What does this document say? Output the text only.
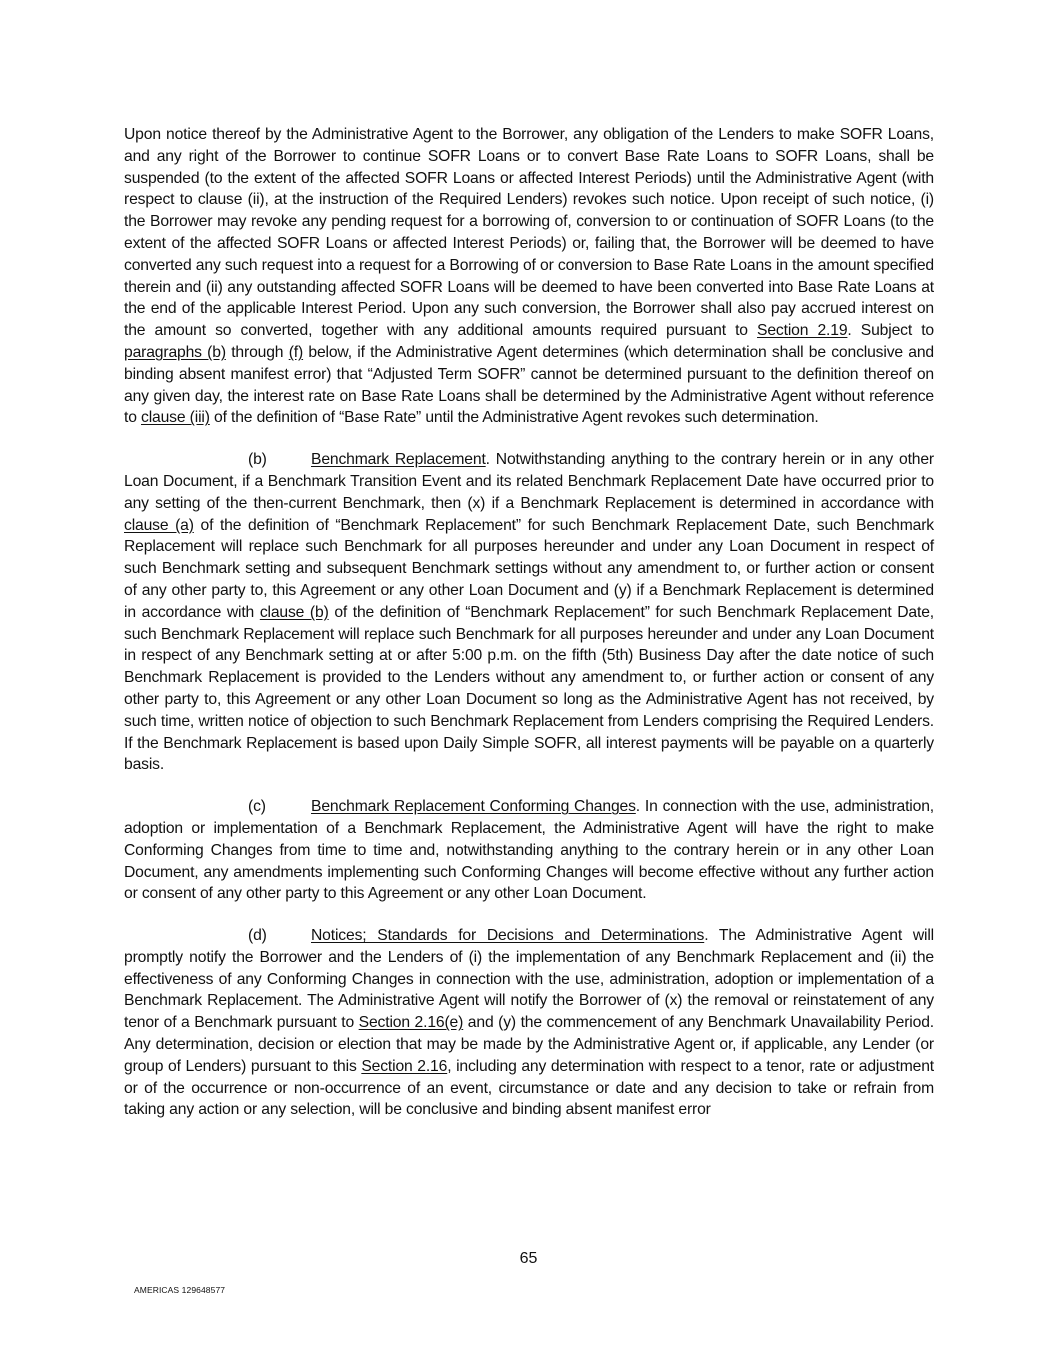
Upon notice thereof by the Administrative Agent to the Borrower, any obligation of the Lenders to make SOFR Loans, and any right of the Borrower to continue SOFR Loans or to convert Base Rate Loans to SOFR Loans, shall be suspended (to the extent of the affected SOFR Loans or affected Interest Periods) until the Administrative Agent (with respect to clause (ii), at the instruction of the Required Lenders) revokes such notice. Upon receipt of such notice, (i) the Borrower may revoke any pending request for a borrowing of, conversion to or continuation of SOFR Loans (to the extent of the affected SOFR Loans or affected Interest Periods) or, failing that, the Borrower will be deemed to have converted any such request into a request for a Borrowing of or conversion to Base Rate Loans in the amount specified therein and (ii) any outstanding affected SOFR Loans will be deemed to have been converted into Base Rate Loans at the end of the applicable Interest Period. Upon any such conversion, the Borrower shall also pay accrued interest on the amount so converted, together with any additional amounts required pursuant to Section 2.19. Subject to paragraphs (b) through (f) below, if the Administrative Agent determines (which determination shall be conclusive and binding absent manifest error) that “Adjusted Term SOFR” cannot be determined pursuant to the definition thereof on any given day, the interest rate on Base Rate Loans shall be determined by the Administrative Agent without reference to clause (iii) of the definition of “Base Rate” until the Administrative Agent revokes such determination.

(b)	Benchmark Replacement. Notwithstanding anything to the contrary herein or in any other Loan Document, if a Benchmark Transition Event and its related Benchmark Replacement Date have occurred prior to any setting of the then-current Benchmark, then (x) if a Benchmark Replacement is determined in accordance with clause (a) of the definition of “Benchmark Replacement” for such Benchmark Replacement Date, such Benchmark Replacement will replace such Benchmark for all purposes hereunder and under any Loan Document in respect of such Benchmark setting and subsequent Benchmark settings without any amendment to, or further action or consent of any other party to, this Agreement or any other Loan Document and (y) if a Benchmark Replacement is determined in accordance with clause (b) of the definition of “Benchmark Replacement” for such Benchmark Replacement Date, such Benchmark Replacement will replace such Benchmark for all purposes hereunder and under any Loan Document in respect of any Benchmark setting at or after 5:00 p.m. on the fifth (5th) Business Day after the date notice of such Benchmark Replacement is provided to the Lenders without any amendment to, or further action or consent of any other party to, this Agreement or any other Loan Document so long as the Administrative Agent has not received, by such time, written notice of objection to such Benchmark Replacement from Lenders comprising the Required Lenders. If the Benchmark Replacement is based upon Daily Simple SOFR, all interest payments will be payable on a quarterly basis.

(c)	Benchmark Replacement Conforming Changes. In connection with the use, administration, adoption or implementation of a Benchmark Replacement, the Administrative Agent will have the right to make Conforming Changes from time to time and, notwithstanding anything to the contrary herein or in any other Loan Document, any amendments implementing such Conforming Changes will become effective without any further action or consent of any other party to this Agreement or any other Loan Document.

(d)	Notices; Standards for Decisions and Determinations. The Administrative Agent will promptly notify the Borrower and the Lenders of (i) the implementation of any Benchmark Replacement and (ii) the effectiveness of any Conforming Changes in connection with the use, administration, adoption or implementation of a Benchmark Replacement. The Administrative Agent will notify the Borrower of (x) the removal or reinstatement of any tenor of a Benchmark pursuant to Section 2.16(e) and (y) the commencement of any Benchmark Unavailability Period. Any determination, decision or election that may be made by the Administrative Agent or, if applicable, any Lender (or group of Lenders) pursuant to this Section 2.16, including any determination with respect to a tenor, rate or adjustment or of the occurrence or non-occurrence of an event, circumstance or date and any decision to take or refrain from taking any action or any selection, will be conclusive and binding absent manifest error

65
AMERICAS 129648577
